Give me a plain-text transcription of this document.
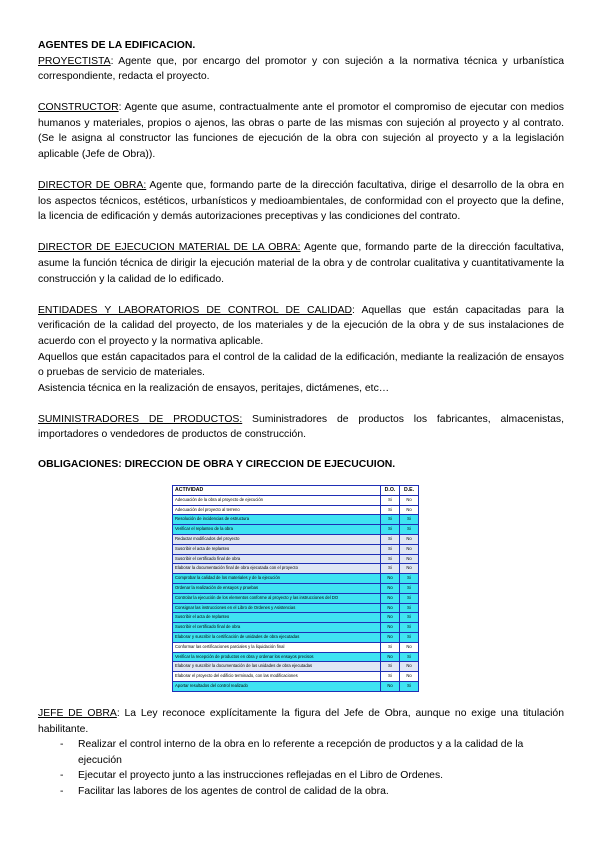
AGENTES DE LA EDIFICACION.

PROYECTISTA: Agente que, por encargo del promotor y con sujeción a la normativa técnica y urbanística correspondiente, redacta el proyecto.

CONSTRUCTOR: Agente que asume, contractualmente ante el promotor el compromiso de ejecutar con medios humanos y materiales, propios o ajenos, las obras o parte de las mismas con sujeción al proyecto y al contrato. (Se le asigna al constructor las funciones de ejecución de la obra con sujeción al proyecto y a la legislación aplicable (Jefe de Obra)).

DIRECTOR DE OBRA: Agente que, formando parte de la dirección facultativa, dirige el desarrollo de la obra en los aspectos técnicos, estéticos, urbanísticos y medioambientales, de conformidad con el proyecto que la define, la licencia de edificación y demás autorizaciones preceptivas y las condiciones del contrato.

DIRECTOR DE EJECUCION MATERIAL DE LA OBRA: Agente que, formando parte de la dirección facultativa, asume la función técnica de dirigir la ejecución material de la obra y de controlar cualitativa y cuantitativamente la construcción y la calidad de lo edificado.

ENTIDADES Y LABORATORIOS DE CONTROL DE CALIDAD: Aquellas que están capacitadas para la verificación de la calidad del proyecto, de los materiales y de la ejecución de la obra y de sus instalaciones de acuerdo con el proyecto y la normativa aplicable.

Aquellos que están capacitados para el control de la calidad de la edificación, mediante la realización de ensayos o pruebas de servicio de materiales.

Asistencia técnica en la realización de ensayos, peritajes, dictámenes, etc…

SUMINISTRADORES DE PRODUCTOS: Suministradores de productos los fabricantes, almacenistas, importadores o vendedores de productos de construcción.

OBLIGACIONES: DIRECCION DE OBRA Y CIRECCION DE EJECUCUION.
ACTIVIDAD	D.O.	D.E.
Adecuación de la obra al proyecto de ejecución	Si	No
Adecuación del proyecto al terreno	Si	No
Resolución de incidencias de estructura	Si	Si
Verificar el replanteo de la obra	Si	Si
Redactar modificados del proyecto	Si	No
Suscribir el acta de replanteo	Si	No
Suscribir el certificado final de obra	Si	No
Elaborar la documentación final de obra ejecutada con el proyecto	Si	No
Comprobar la calidad de los materiales y de la ejecución	No	Si
Ordenar la realización de ensayos y pruebas	No	Si
Controlar la ejecución de los elementos conforme al proyecto y las instrucciones del DO	No	Si
Consignar las instrucciones en el Libro de Ordenes y Asistencias	No	Si
Suscribir el acta de replanteo	No	Si
Suscribir el certificado final de obra	No	Si
Elaborar y suscribir la certificación de unidades de obra ejecutadas	No	Si
Conformar las certificaciones parciales y la liquidación final	Si	No
Verificar la recepción de productos en obra y ordenar los ensayos precisos	No	Si
Elaborar y suscribir la documentación de las unidades de obra ejecutadas	Si	No
Elaborar el proyecto del edificio terminado, con las modificaciones	Si	No
Aportar resultados del control realizado	No	Si

JEFE DE OBRA: La Ley reconoce explícitamente la figura del Jefe de Obra, aunque no exige una titulación habilitante.

- Realizar el control interno de la obra en lo referente a recepción de productos y a la calidad de la ejecución
- Ejecutar el proyecto junto a las instrucciones reflejadas en el Libro de Ordenes.
- Facilitar las labores de los agentes de control de calidad de la obra.
